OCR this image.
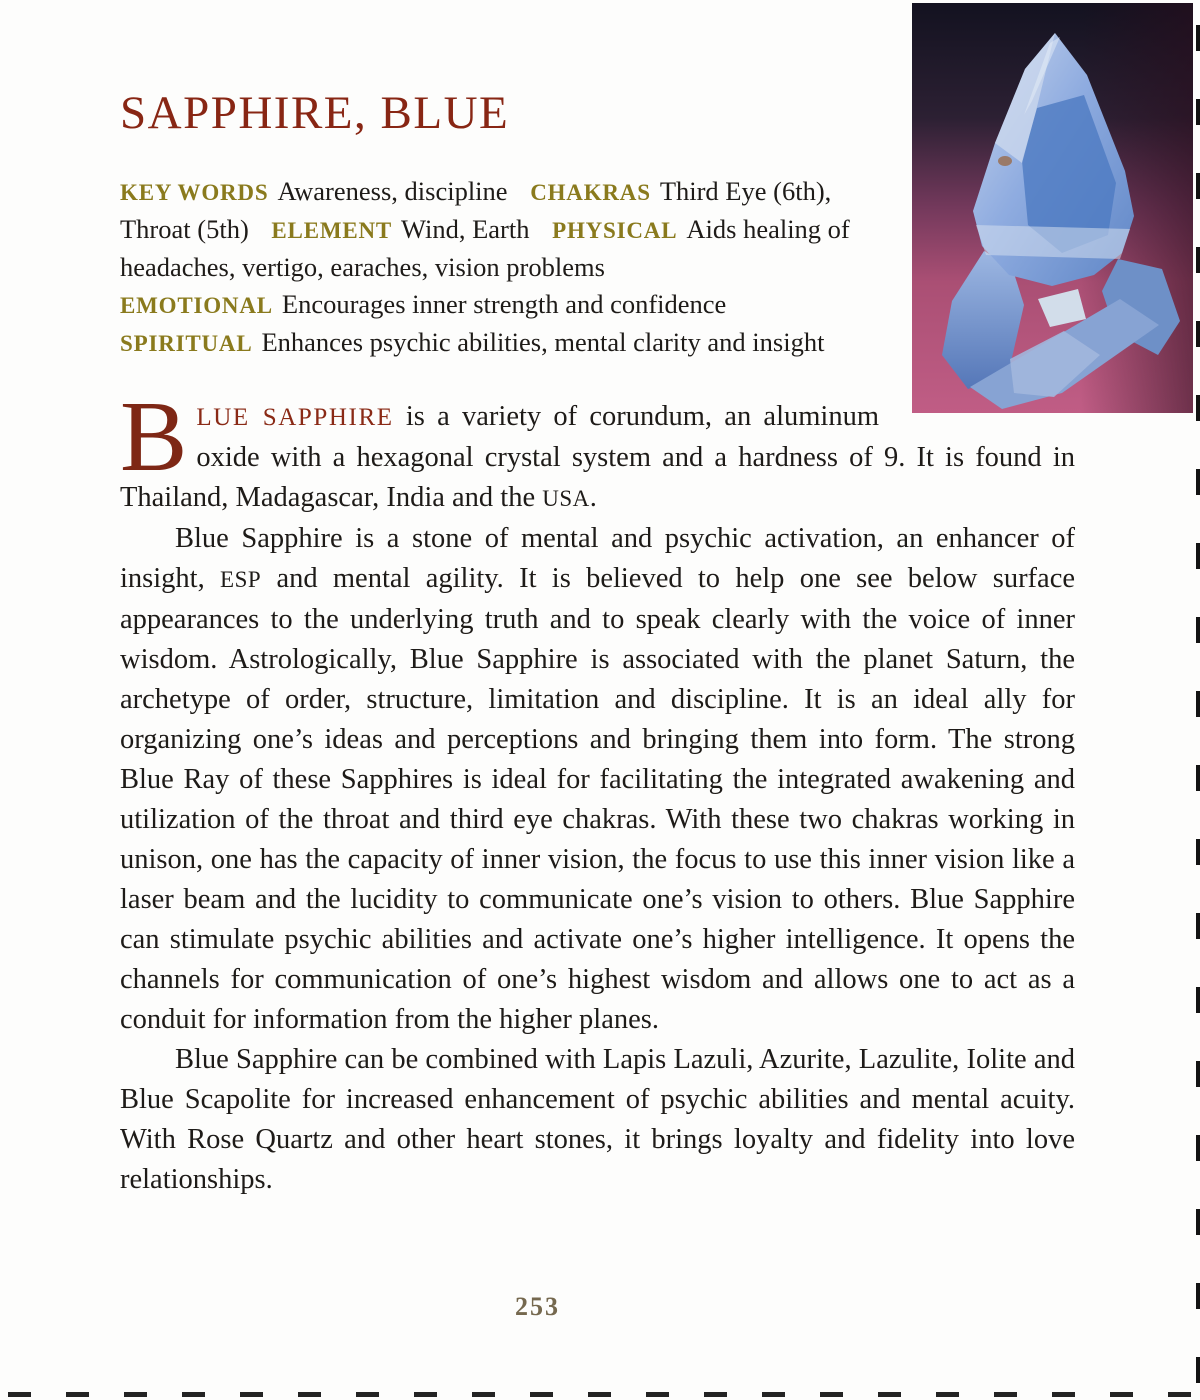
SAPPHIRE, BLUE

KEY WORDS Awareness, discipline CHAKRAS Third Eye (6th), Throat (5th) ELEMENT Wind, Earth PHYSICAL Aids healing of headaches, vertigo, earaches, vision problems EMOTIONAL Encourages inner strength and confidence SPIRITUAL Enhances psychic abilities, mental clarity and insight

BLUE SAPPHIRE is a variety of corundum, an aluminum oxide with a hexagonal crystal system and a hardness of 9. It is found in Thailand, Madagascar, India and the USA.

Blue Sapphire is a stone of mental and psychic activation, an enhancer of insight, ESP and mental agility. It is believed to help one see below surface appearances to the underlying truth and to speak clearly with the voice of inner wisdom. Astrologically, Blue Sapphire is associated with the planet Saturn, the archetype of order, structure, limitation and discipline. It is an ideal ally for organizing one’s ideas and perceptions and bringing them into form. The strong Blue Ray of these Sapphires is ideal for facilitating the integrated awakening and utilization of the throat and third eye chakras. With these two chakras working in unison, one has the capacity of inner vision, the focus to use this inner vision like a laser beam and the lucidity to communicate one’s vision to others. Blue Sapphire can stimulate psychic abilities and activate one’s higher intelligence. It opens the channels for communication of one’s highest wisdom and allows one to act as a conduit for information from the higher planes.

Blue Sapphire can be combined with Lapis Lazuli, Azurite, Lazulite, Iolite and Blue Scapolite for increased enhancement of psychic abilities and mental acuity. With Rose Quartz and other heart stones, it brings loyalty and fidelity into love relationships.

253
